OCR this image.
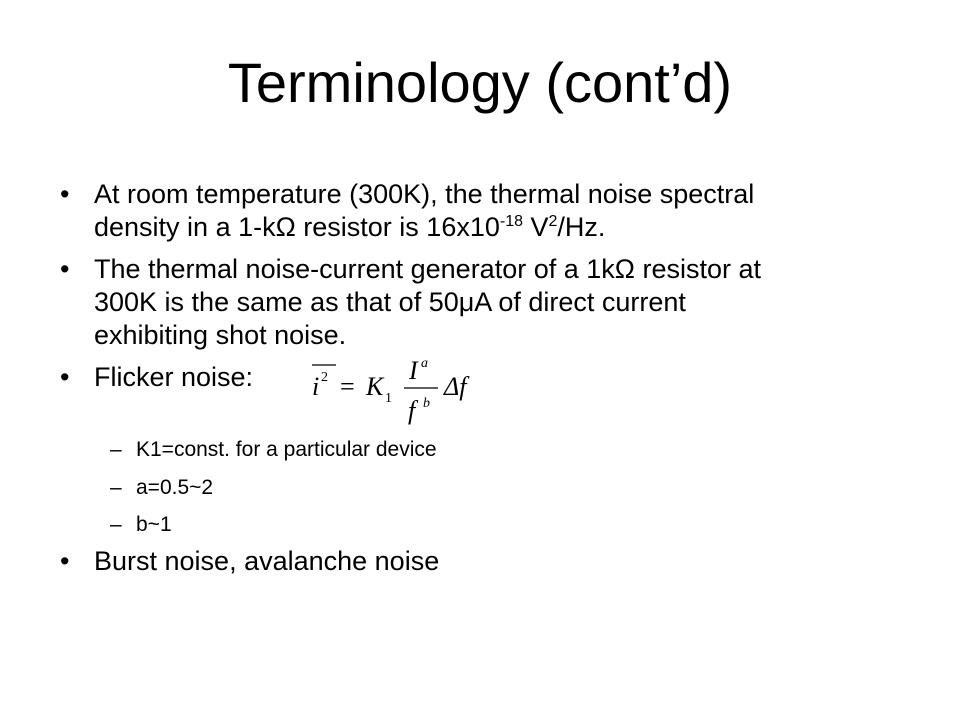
Terminology (cont’d)
• At room temperature (300K), the thermal noise spectral
density in a 1-kΩ resistor is $16x10^{-18}$ $V^2/Hz$.
• The thermal noise-current generator of a 1kΩ resistor at
300K is the same as that of 50μA of direct current
exhibiting shot noise.
• Flicker noise:	i 2 = K 1
I a
f b
Δf
– K1=const. for a particular device
– a=0.5~2
– b~1
• Burst noise, avalanche noise
